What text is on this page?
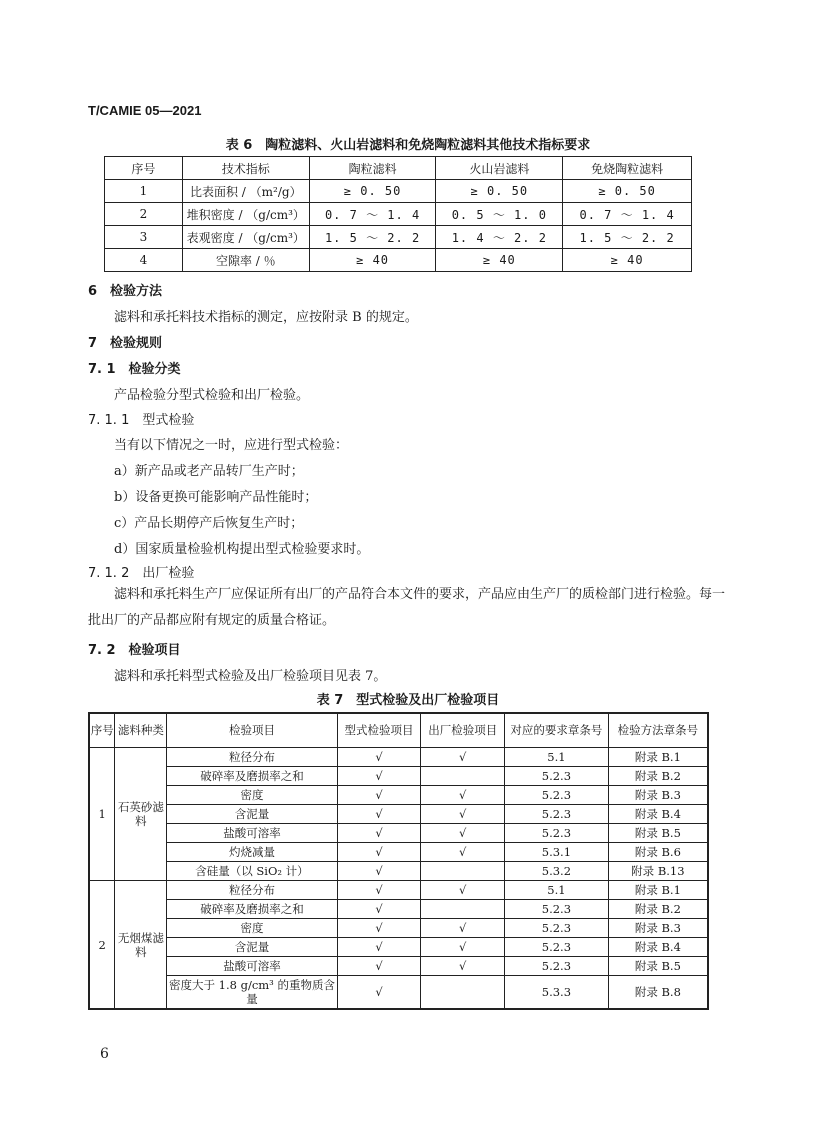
T/CAMIE 05—2021
表 6　陶粒滤料、火山岩滤料和免烧陶粒滤料其他技术指标要求
序号	技术指标	陶粒滤料	火山岩滤料	免烧陶粒滤料
1	比表面积 / （m²/g）	≥ 0. 50	≥ 0. 50	≥ 0. 50
2	堆积密度 / （g/cm³）	0. 7 ～ 1. 4	0. 5 ～ 1. 0	0. 7 ～ 1. 4
3	表观密度 / （g/cm³）	1. 5 ～ 2. 2	1. 4 ～ 2. 2	1. 5 ～ 2. 2
4	空隙率 / ％	≥ 40	≥ 40	≥ 40
6　检验方法
滤料和承托料技术指标的测定，应按附录 B 的规定。
7　检验规则
7. 1　检验分类
产品检验分型式检验和出厂检验。
7. 1. 1　型式检验
当有以下情况之一时，应进行型式检验：
a）新产品或老产品转厂生产时；
b）设备更换可能影响产品性能时；
c）产品长期停产后恢复生产时；
d）国家质量检验机构提出型式检验要求时。
7. 1. 2　出厂检验
滤料和承托料生产厂应保证所有出厂的产品符合本文件的要求，产品应由生产厂的质检部门进行检验。每一批出厂的产品都应附有规定的质量合格证。
7. 2　检验项目
滤料和承托料型式检验及出厂检验项目见表 7。
表 7　型式检验及出厂检验项目
序号	滤料种类	检验项目	型式检验项目	出厂检验项目	对应的要求章条号	检验方法章条号
1	石英砂滤料	粒径分布	√	√	5.1	附录 B.1
		破碎率及磨损率之和	√		5.2.3	附录 B.2
		密度	√	√	5.2.3	附录 B.3
		含泥量	√	√	5.2.3	附录 B.4
		盐酸可溶率	√	√	5.2.3	附录 B.5
		灼烧减量	√	√	5.3.1	附录 B.6
		含硅量（以 SiO₂ 计）	√		5.3.2	附录 B.13
2	无烟煤滤料	粒径分布	√	√	5.1	附录 B.1
		破碎率及磨损率之和	√		5.2.3	附录 B.2
		密度	√	√	5.2.3	附录 B.3
		含泥量	√	√	5.2.3	附录 B.4
		盐酸可溶率	√	√	5.2.3	附录 B.5
		密度大于 1.8 g/cm³ 的重物质含量	√		5.3.3	附录 B.8
6
